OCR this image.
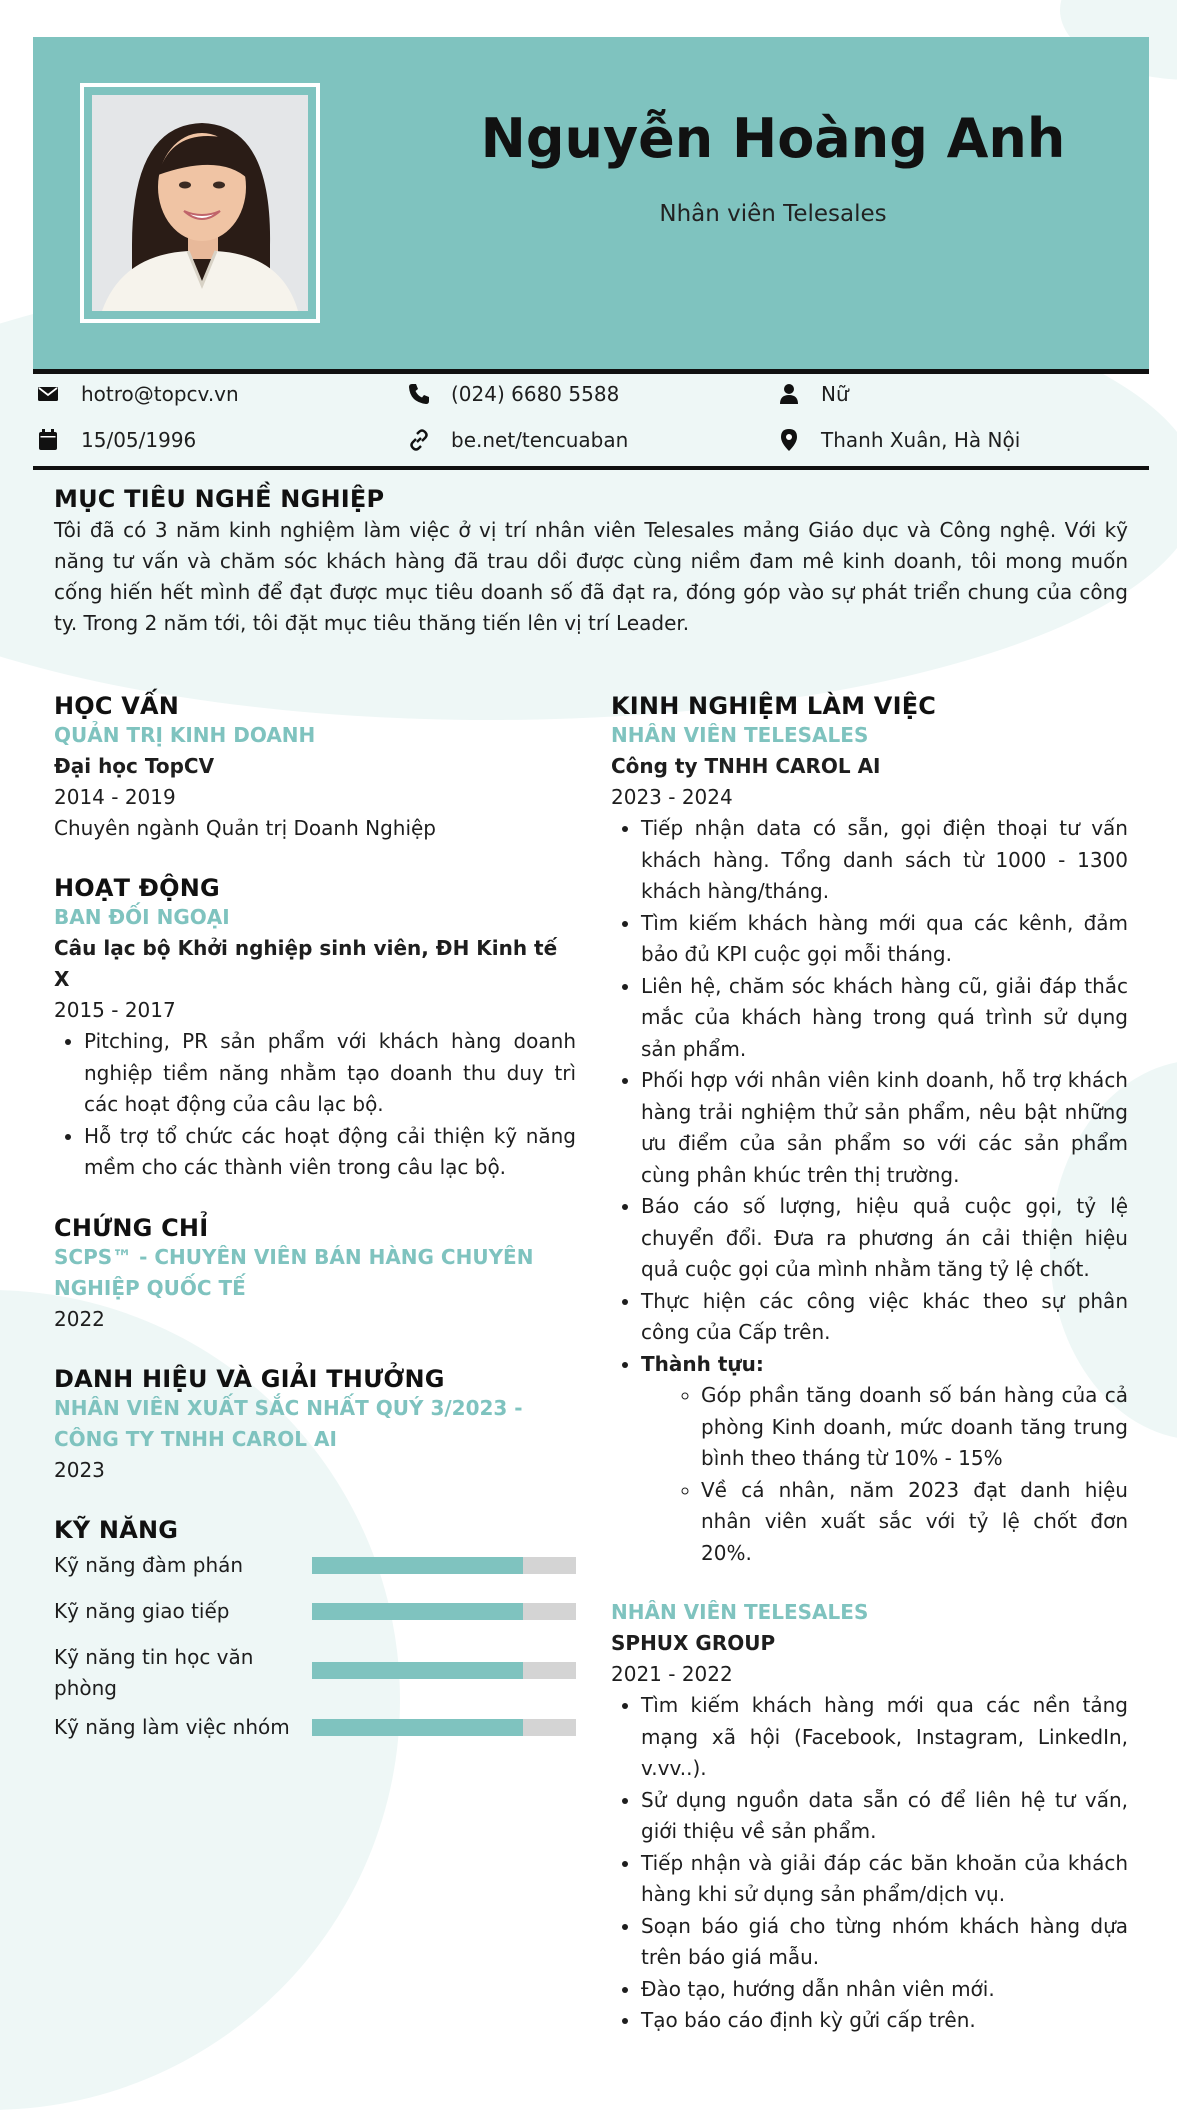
Nguyễn Hoàng Anh
Nhân viên Telesales
hotro@topcv.vn	(024) 6680 5588	Nữ
15/05/1996	be.net/tencuaban	Thanh Xuân, Hà Nội
MỤC TIÊU NGHỀ NGHIỆP
Tôi đã có 3 năm kinh nghiệm làm việc ở vị trí nhân viên Telesales mảng Giáo dục và Công nghệ. Với kỹ năng tư vấn và chăm sóc khách hàng đã trau dồi được cùng niềm đam mê kinh doanh, tôi mong muốn cống hiến hết mình để đạt được mục tiêu doanh số đã đạt ra, đóng góp vào sự phát triển chung của công ty. Trong 2 năm tới, tôi đặt mục tiêu thăng tiến lên vị trí Leader.
HỌC VẤN
QUẢN TRỊ KINH DOANH
Đại học TopCV
2014 - 2019
Chuyên ngành Quản trị Doanh Nghiệp
HOẠT ĐỘNG
BAN ĐỐI NGOẠI
Câu lạc bộ Khởi nghiệp sinh viên, ĐH Kinh tế X
2015 - 2017
• Pitching, PR sản phẩm với khách hàng doanh nghiệp tiềm năng nhằm tạo doanh thu duy trì các hoạt động của câu lạc bộ.
• Hỗ trợ tổ chức các hoạt động cải thiện kỹ năng mềm cho các thành viên trong câu lạc bộ.
CHỨNG CHỈ
SCPS™ - CHUYÊN VIÊN BÁN HÀNG CHUYÊN NGHIỆP QUỐC TẾ
2022
DANH HIỆU VÀ GIẢI THƯỞNG
NHÂN VIÊN XUẤT SẮC NHẤT QUÝ 3/2023 - CÔNG TY TNHH CAROL AI
2023
KỸ NĂNG
Kỹ năng đàm phán
Kỹ năng giao tiếp
Kỹ năng tin học văn phòng
Kỹ năng làm việc nhóm
KINH NGHIỆM LÀM VIỆC
NHÂN VIÊN TELESALES
Công ty TNHH CAROL AI
2023 - 2024
• Tiếp nhận data có sẵn, gọi điện thoại tư vấn khách hàng. Tổng danh sách từ 1000 - 1300 khách hàng/tháng.
• Tìm kiếm khách hàng mới qua các kênh, đảm bảo đủ KPI cuộc gọi mỗi tháng.
• Liên hệ, chăm sóc khách hàng cũ, giải đáp thắc mắc của khách hàng trong quá trình sử dụng sản phẩm.
• Phối hợp với nhân viên kinh doanh, hỗ trợ khách hàng trải nghiệm thử sản phẩm, nêu bật những ưu điểm của sản phẩm so với các sản phẩm cùng phân khúc trên thị trường.
• Báo cáo số lượng, hiệu quả cuộc gọi, tỷ lệ chuyển đổi. Đưa ra phương án cải thiện hiệu quả cuộc gọi của mình nhằm tăng tỷ lệ chốt.
• Thực hiện các công việc khác theo sự phân công của Cấp trên.
• Thành tựu:
◦ Góp phần tăng doanh số bán hàng của cả phòng Kinh doanh, mức doanh tăng trung bình theo tháng từ 10% - 15%
◦ Về cá nhân, năm 2023 đạt danh hiệu nhân viên xuất sắc với tỷ lệ chốt đơn 20%.
NHÂN VIÊN TELESALES
SPHUX GROUP
2021 - 2022
• Tìm kiếm khách hàng mới qua các nền tảng mạng xã hội (Facebook, Instagram, LinkedIn, v.vv..).
• Sử dụng nguồn data sẵn có để liên hệ tư vấn, giới thiệu về sản phẩm.
• Tiếp nhận và giải đáp các băn khoăn của khách hàng khi sử dụng sản phẩm/dịch vụ.
• Soạn báo giá cho từng nhóm khách hàng dựa trên báo giá mẫu.
• Đào tạo, hướng dẫn nhân viên mới.
• Tạo báo cáo định kỳ gửi cấp trên.
